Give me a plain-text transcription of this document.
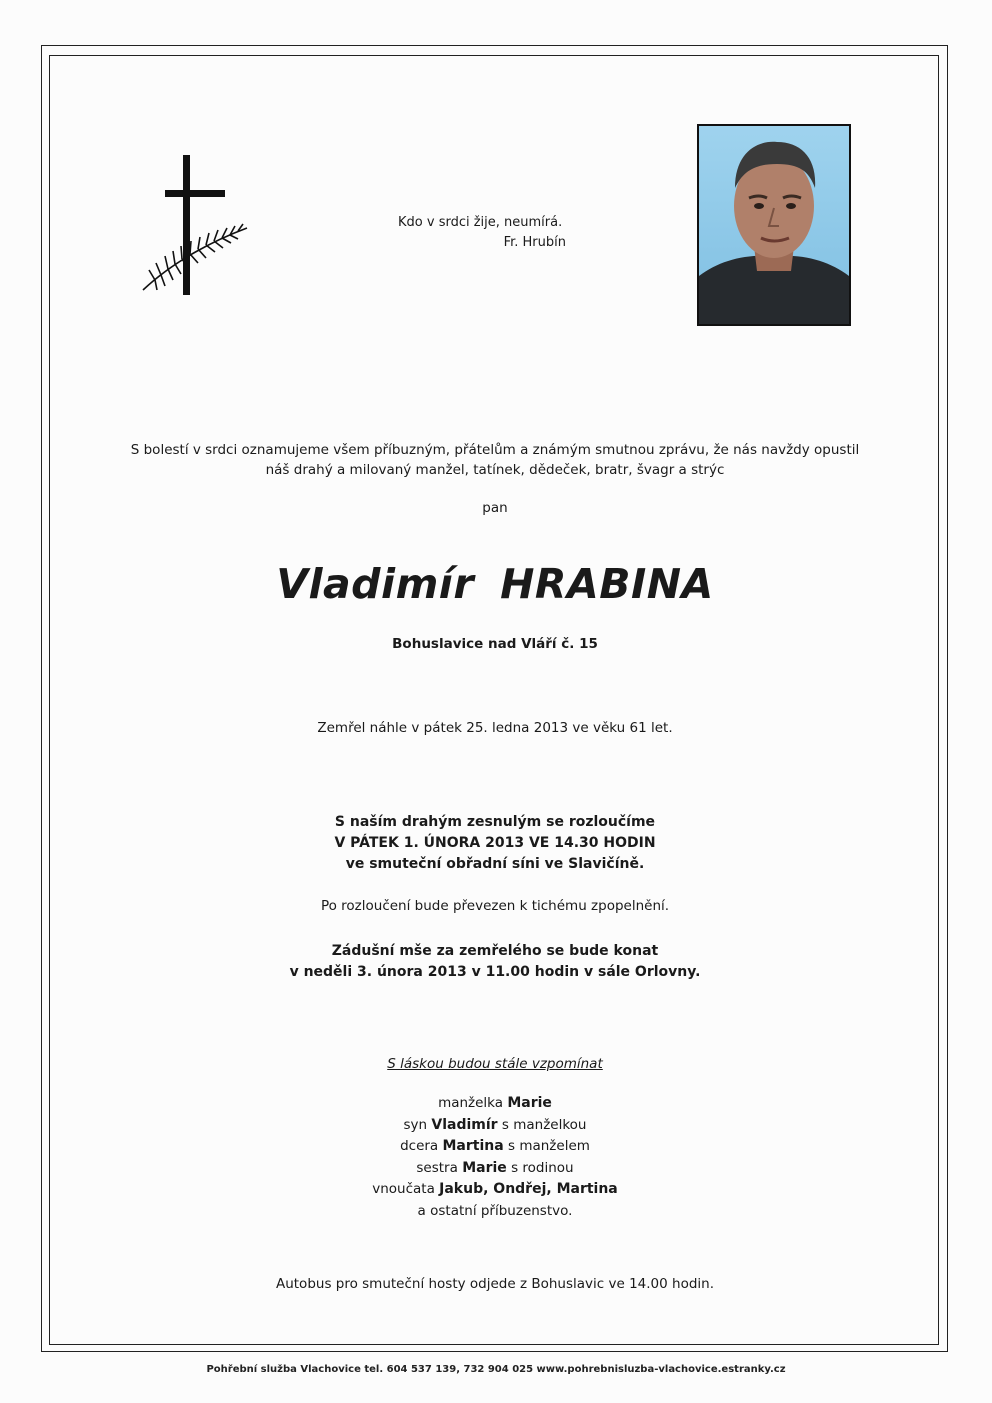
Kdo v srdci žije, neumírá.
Fr. Hrubín
S bolestí v srdci oznamujeme všem příbuzným, přátelům a známým smutnou zprávu, že nás navždy opustil
náš drahý a milovaný manžel, tatínek, dědeček, bratr, švagr a strýc
pan
Vladimír HRABINA
Bohuslavice nad Vláří č. 15
Zemřel náhle v pátek 25. ledna 2013 ve věku 61 let.
S naším drahým zesnulým se rozloučíme
V PÁTEK 1. ÚNORA 2013 VE 14.30 HODIN
ve smuteční obřadní síni ve Slavičíně.
Po rozloučení bude převezen k tichému zpopelnění.
Zádušní mše za zemřelého se bude konat
v neděli 3. února 2013 v 11.00 hodin v sále Orlovny.
S láskou budou stále vzpomínat
manželka Marie
syn Vladimír s manželkou
dcera Martina s manželem
sestra Marie s rodinou
vnoučata Jakub, Ondřej, Martina
a ostatní příbuzenstvo.
Autobus pro smuteční hosty odjede z Bohuslavic ve 14.00 hodin.
Pohřební služba Vlachovice tel. 604 537 139, 732 904 025 www.pohrebnisluzba-vlachovice.estranky.cz
